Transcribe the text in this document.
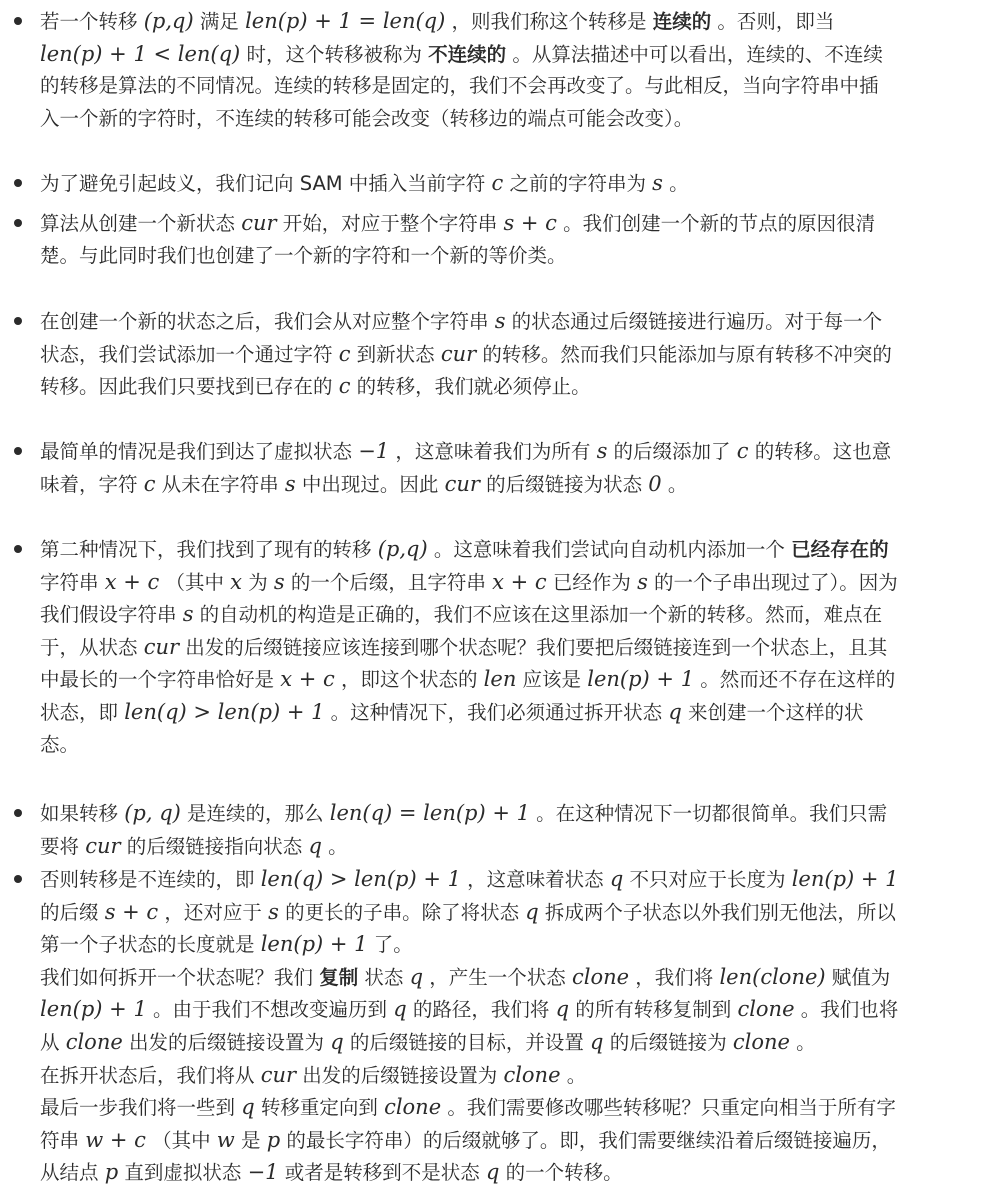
若一个转移 (p,q) 满足 len(p) + 1 = len(q) ，则我们称这个转移是 连续的 。否则，即当
len(p) + 1 < len(q) 时，这个转移被称为 不连续的 。从算法描述中可以看出，连续的、不连续
的转移是算法的不同情况。连续的转移是固定的，我们不会再改变了。与此相反，当向字符串中插
入一个新的字符时，不连续的转移可能会改变（转移边的端点可能会改变）。
为了避免引起歧义，我们记向 SAM 中插入当前字符 c 之前的字符串为 s 。
算法从创建一个新状态 cur 开始，对应于整个字符串 s + c 。我们创建一个新的节点的原因很清
楚。与此同时我们也创建了一个新的字符和一个新的等价类。
在创建一个新的状态之后，我们会从对应整个字符串 s 的状态通过后缀链接进行遍历。对于每一个
状态，我们尝试添加一个通过字符 c 到新状态 cur 的转移。然而我们只能添加与原有转移不冲突的
转移。因此我们只要找到已存在的 c 的转移，我们就必须停止。
最简单的情况是我们到达了虚拟状态 −1 ，这意味着我们为所有 s 的后缀添加了 c 的转移。这也意
味着，字符 c 从未在字符串 s 中出现过。因此 cur 的后缀链接为状态 0 。
第二种情况下，我们找到了现有的转移 (p,q) 。这意味着我们尝试向自动机内添加一个 已经存在的
字符串 x + c （其中 x 为 s 的一个后缀，且字符串 x + c 已经作为 s 的一个子串出现过了）。因为
我们假设字符串 s 的自动机的构造是正确的，我们不应该在这里添加一个新的转移。然而，难点在
于，从状态 cur 出发的后缀链接应该连接到哪个状态呢？我们要把后缀链接连到一个状态上，且其
中最长的一个字符串恰好是 x + c ，即这个状态的 len 应该是 len(p) + 1 。然而还不存在这样的
状态，即 len(q) > len(p) + 1 。这种情况下，我们必须通过拆开状态 q 来创建一个这样的状
态。
如果转移 (p, q) 是连续的，那么 len(q) = len(p) + 1 。在这种情况下一切都很简单。我们只需
要将 cur 的后缀链接指向状态 q 。
否则转移是不连续的，即 len(q) > len(p) + 1 ，这意味着状态 q 不只对应于长度为 len(p) + 1
的后缀 s + c ，还对应于 s 的更长的子串。除了将状态 q 拆成两个子状态以外我们别无他法，所以
第一个子状态的长度就是 len(p) + 1 了。
我们如何拆开一个状态呢？我们 复制 状态 q ，产生一个状态 clone ，我们将 len(clone) 赋值为
len(p) + 1 。由于我们不想改变遍历到 q 的路径，我们将 q 的所有转移复制到 clone 。我们也将
从 clone 出发的后缀链接设置为 q 的后缀链接的目标，并设置 q 的后缀链接为 clone 。
在拆开状态后，我们将从 cur 出发的后缀链接设置为 clone 。
最后一步我们将一些到 q 转移重定向到 clone 。我们需要修改哪些转移呢？只重定向相当于所有字
符串 w + c （其中 w 是 p 的最长字符串）的后缀就够了。即，我们需要继续沿着后缀链接遍历，
从结点 p 直到虚拟状态 −1 或者是转移到不是状态 q 的一个转移。
